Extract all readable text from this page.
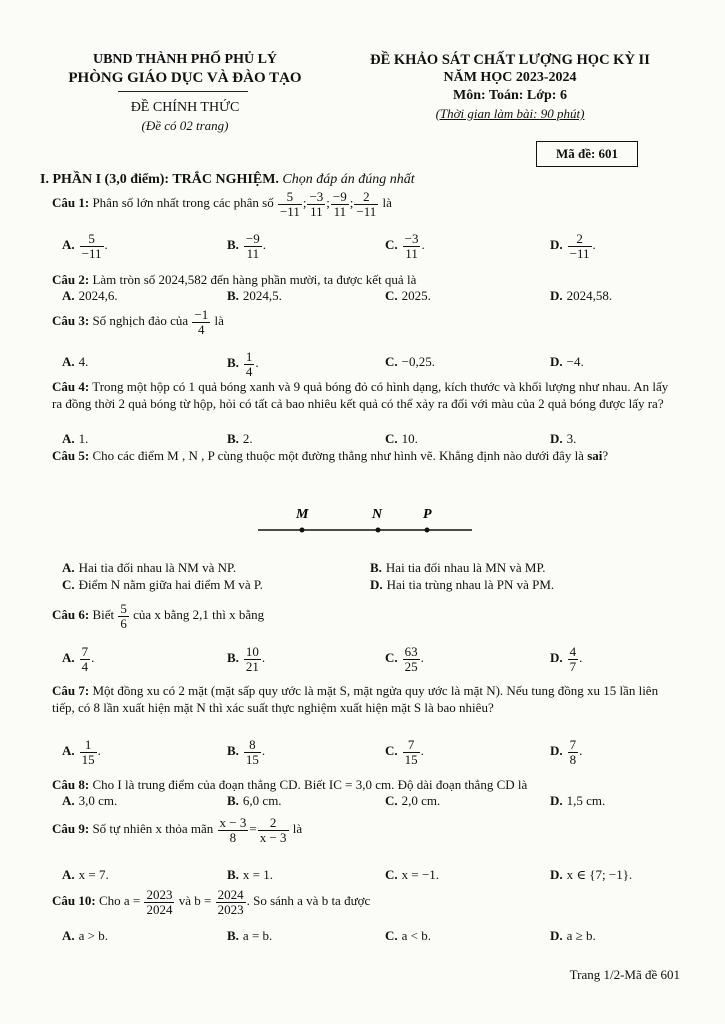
UBND THÀNH PHỐ PHỦ LÝ
PHÒNG GIÁO DỤC VÀ ĐÀO TẠO
ĐỀ CHÍNH THỨC
(Đề có 02 trang)
ĐỀ KHẢO SÁT CHẤT LƯỢNG HỌC KỲ II
NĂM HỌC 2023-2024
Môn: Toán: Lớp: 6
(Thời gian làm bài: 90 phút)
Mã đề: 601
I. PHẦN I (3,0 điểm): TRẮC NGHIỆM. Chọn đáp án đúng nhất
Câu 1: Phân số lớn nhất trong các phân số $\frac{5}{-11}$ ; $\frac{-3}{11}$ ; $\frac{-9}{11}$ ; $\frac{2}{-11}$ là
A. $\frac{5}{-11}$ .	B. $\frac{-9}{11}$ .	C. $\frac{-3}{11}$ .	D. $\frac{2}{-11}$ .
Câu 2: Làm tròn số 2024,582 đến hàng phần mười, ta được kết quả là
A. 2024,6.	B. 2024,5.	C. 2025.	D. 2024,58.
Câu 3: Số nghịch đảo của $\frac{-1}{4}$ là
A. 4.	B. $\frac{1}{4}$ .	C. −0,25.	D. −4.
Câu 4: Trong một hộp có 1 quả bóng xanh và 9 quả bóng đỏ có hình dạng, kích thước và khối lượng như nhau. An lấy ra đồng thời 2 quả bóng từ hộp, hỏi có tất cả bao nhiêu kết quả có thể xảy ra đối với màu của 2 quả bóng được lấy ra?
A. 1.	B. 2.	C. 10.	D. 3.
Câu 5: Cho các điểm M , N , P cùng thuộc một đường thẳng như hình vẽ. Khẳng định nào dưới đây là sai?
M	N	P
A. Hai tia đối nhau là NM và NP.	B. Hai tia đối nhau là MN và MP.
C. Điểm N nằm giữa hai điểm M và P.	D. Hai tia trùng nhau là PN và PM.
Câu 6: Biết $\frac{5}{6}$ của x bằng 2,1 thì x bằng
A. $\frac{7}{4}$ .	B. $\frac{10}{21}$ .	C. $\frac{63}{25}$ .	D. $\frac{4}{7}$ .
Câu 7: Một đồng xu có 2 mặt (mặt sấp quy ước là mặt S, mặt ngửa quy ước là mặt N). Nếu tung đồng xu 15 lần liên tiếp, có 8 lần xuất hiện mặt N thì xác suất thực nghiệm xuất hiện mặt S là bao nhiêu?
A. $\frac{1}{15}$ .	B. $\frac{8}{15}$ .	C. $\frac{7}{15}$ .	D. $\frac{7}{8}$ .
Câu 8: Cho I là trung điểm của đoạn thẳng CD. Biết IC = 3,0 cm. Độ dài đoạn thẳng CD là
A. 3,0 cm.	B. 6,0 cm.	C. 2,0 cm.	D. 1,5 cm.
Câu 9: Số tự nhiên x thỏa mãn $\frac{x - 3}{8} = \frac{2}{x - 3}$ là
A. x = 7.	B. x = 1.	C. x = −1.	D. x ∈ {7; −1}.
Câu 10: Cho $a = \frac{2023}{2024}$ và $b = \frac{2024}{2023}$ . So sánh a và b ta được
A. a > b.	B. a = b.	C. a < b.	D. a ≥ b.
Trang 1/2-Mã đề 601
